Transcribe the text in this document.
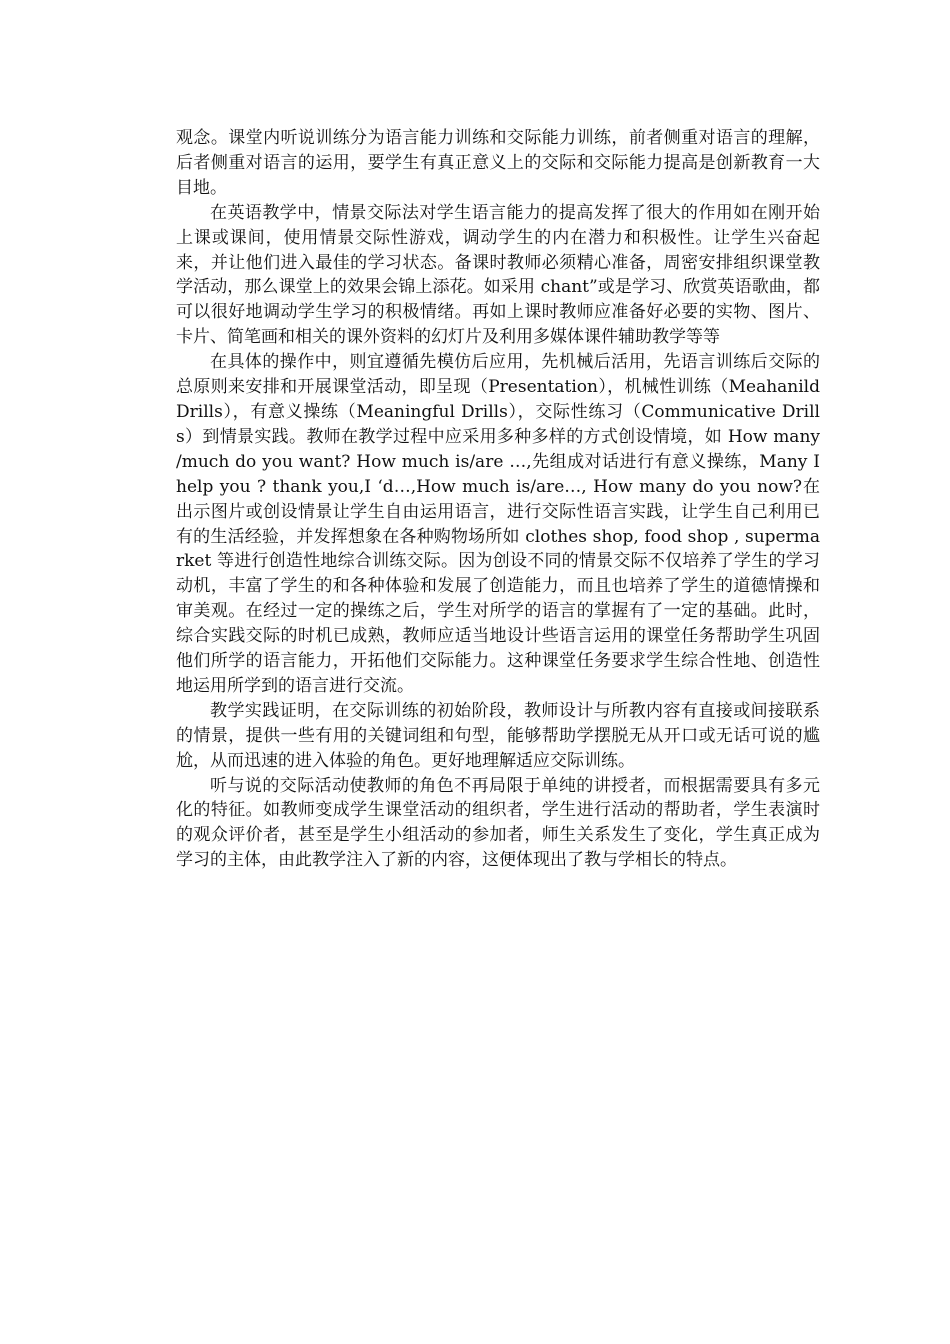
观念。课堂内听说训练分为语言能力训练和交际能力训练，前者侧重对语言的理解，后者侧重对语言的运用，要学生有真正意义上的交际和交际能力提高是创新教育一大目地。

在英语教学中，情景交际法对学生语言能力的提高发挥了很大的作用如在刚开始上课或课间，使用情景交际性游戏，调动学生的内在潜力和积极性。让学生兴奋起来，并让他们进入最佳的学习状态。备课时教师必须精心准备，周密安排组织课堂教学活动，那么课堂上的效果会锦上添花。如采用 chant”或是学习、欣赏英语歌曲，都可以很好地调动学生学习的积极情绪。再如上课时教师应准备好必要的实物、图片、卡片、简笔画和相关的课外资料的幻灯片及利用多媒体课件辅助教学等等

在具体的操作中，则宜遵循先模仿后应用，先机械后活用，先语言训练后交际的总原则来安排和开展课堂活动，即呈现（Presentation），机械性训练（Meahanild Drills），有意义操练（Meaningful Drills），交际性练习（Communicative Drills）到情景实践。教师在教学过程中应采用多种多样的方式创设情境，如 How many /much do you want? How much is/are …,先组成对话进行有意义操练，Many I help you ? thank you,I ‘d…,How much is/are…, How many do you now?在出示图片或创设情景让学生自由运用语言，进行交际性语言实践，让学生自己利用已有的生活经验，并发挥想象在各种购物场所如 clothes shop, food shop , supermarket 等进行创造性地综合训练交际。因为创设不同的情景交际不仅培养了学生的学习动机，丰富了学生的和各种体验和发展了创造能力，而且也培养了学生的道德情操和审美观。在经过一定的操练之后，学生对所学的语言的掌握有了一定的基础。此时，综合实践交际的时机已成熟，教师应适当地设计些语言运用的课堂任务帮助学生巩固他们所学的语言能力，开拓他们交际能力。这种课堂任务要求学生综合性地、创造性地运用所学到的语言进行交流。

教学实践证明，在交际训练的初始阶段，教师设计与所教内容有直接或间接联系的情景，提供一些有用的关键词组和句型，能够帮助学摆脱无从开口或无话可说的尴尬，从而迅速的进入体验的角色。更好地理解适应交际训练。

听与说的交际活动使教师的角色不再局限于单纯的讲授者，而根据需要具有多元化的特征。如教师变成学生课堂活动的组织者，学生进行活动的帮助者，学生表演时的观众评价者，甚至是学生小组活动的参加者，师生关系发生了变化，学生真正成为学习的主体，由此教学注入了新的内容，这便体现出了教与学相长的特点。
